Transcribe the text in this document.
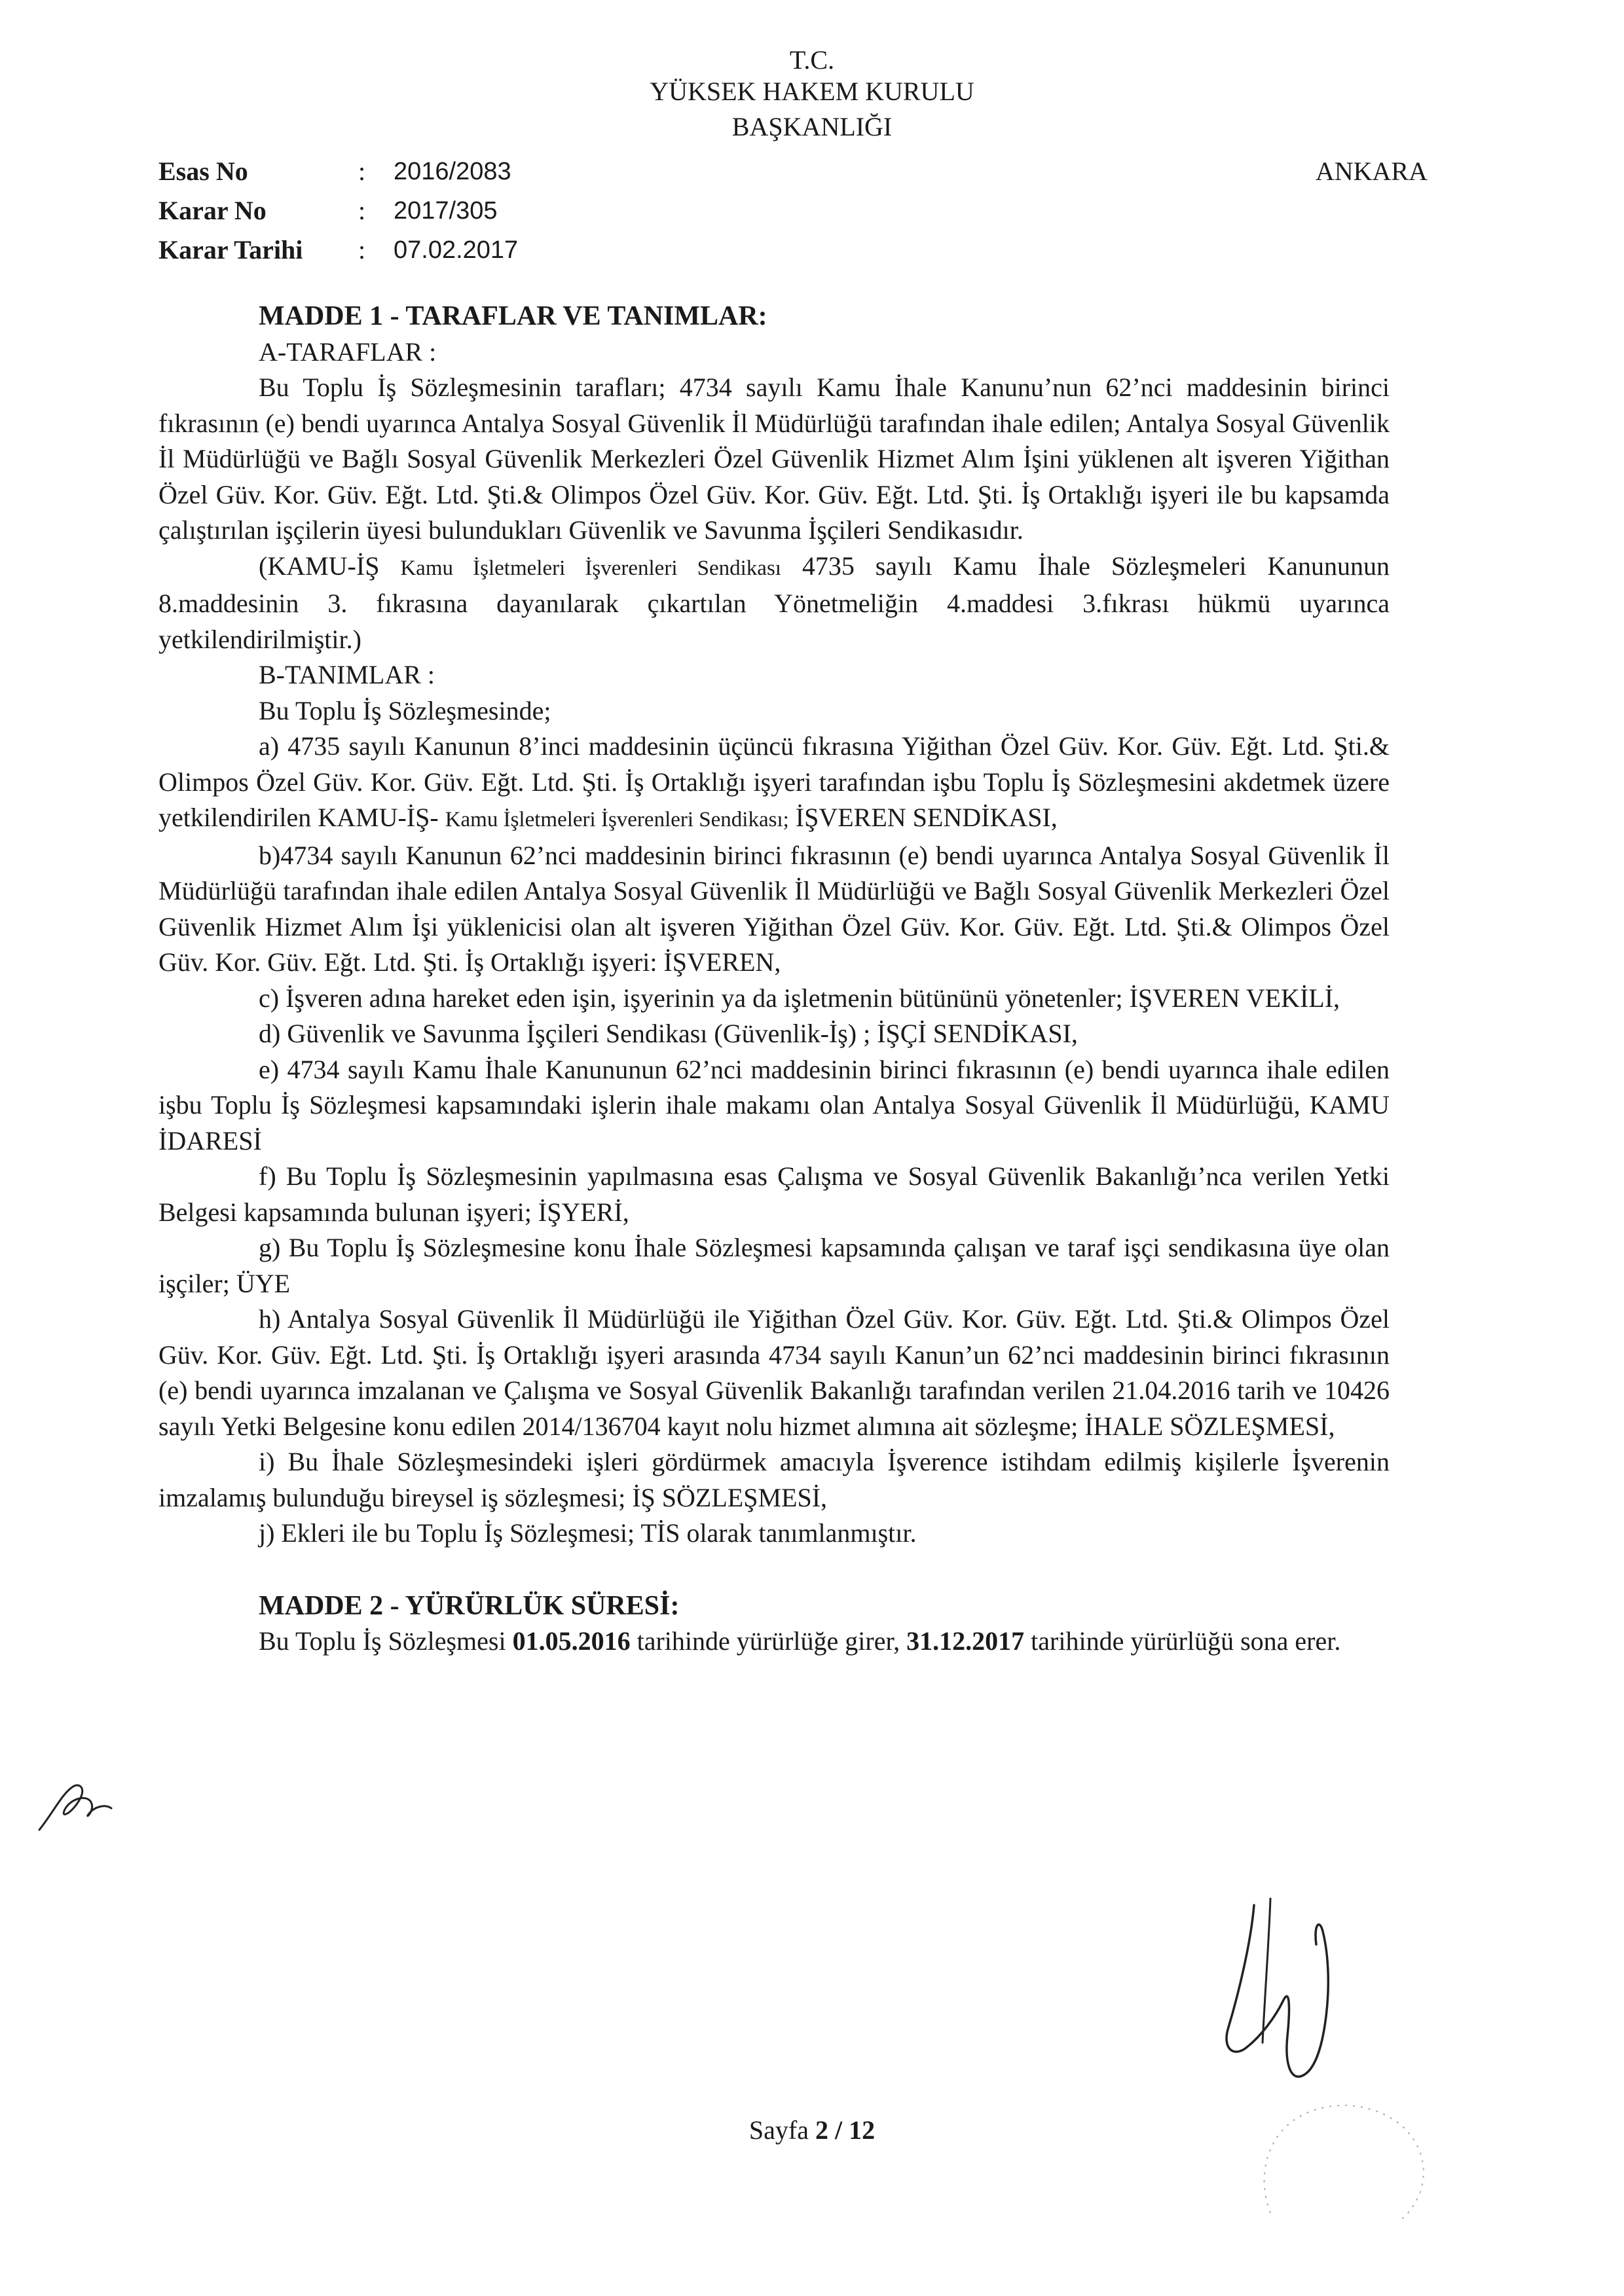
T.C.
YÜKSEK HAKEM KURULU
BAŞKANLIĞI
Esas No	:	2016/2083
Karar No	:	2017/305
Karar Tarihi	:	07.02.2017
ANKARA
MADDE 1 - TARAFLAR VE TANIMLAR:
A-TARAFLAR :

Bu Toplu İş Sözleşmesinin tarafları; 4734 sayılı Kamu İhale Kanunu’nun 62’nci maddesinin birinci fıkrasının (e) bendi uyarınca Antalya Sosyal Güvenlik İl Müdürlüğü tarafından ihale edilen; Antalya Sosyal Güvenlik İl Müdürlüğü ve Bağlı Sosyal Güvenlik Merkezleri Özel Güvenlik Hizmet Alım İşini yüklenen alt işveren Yiğithan Özel Güv. Kor. Güv. Eğt. Ltd. Şti.& Olimpos Özel Güv. Kor. Güv. Eğt. Ltd. Şti. İş Ortaklığı işyeri ile bu kapsamda çalıştırılan işçilerin üyesi bulundukları Güvenlik ve Savunma İşçileri Sendikasıdır.

(KAMU-İŞ Kamu İşletmeleri İşverenleri Sendikası 4735 sayılı Kamu İhale Sözleşmeleri Kanununun 8.maddesinin 3. fıkrasına dayanılarak çıkartılan Yönetmeliğin 4.maddesi 3.fıkrası hükmü uyarınca yetkilendirilmiştir.)

B-TANIMLAR :
Bu Toplu İş Sözleşmesinde;

a) 4735 sayılı Kanunun 8’inci maddesinin üçüncü fıkrasına Yiğithan Özel Güv. Kor. Güv. Eğt. Ltd. Şti.& Olimpos Özel Güv. Kor. Güv. Eğt. Ltd. Şti. İş Ortaklığı işyeri tarafından işbu Toplu İş Sözleşmesini akdetmek üzere yetkilendirilen KAMU-İŞ- Kamu İşletmeleri İşverenleri Sendikası; İŞVEREN SENDİKASI,

b)4734 sayılı Kanunun 62’nci maddesinin birinci fıkrasının (e) bendi uyarınca Antalya Sosyal Güvenlik İl Müdürlüğü tarafından ihale edilen Antalya Sosyal Güvenlik İl Müdürlüğü ve Bağlı Sosyal Güvenlik Merkezleri Özel Güvenlik Hizmet Alım İşi yüklenicisi olan alt işveren Yiğithan Özel Güv. Kor. Güv. Eğt. Ltd. Şti.& Olimpos Özel Güv. Kor. Güv. Eğt. Ltd. Şti. İş Ortaklığı işyeri: İŞVEREN,

c) İşveren adına hareket eden işin, işyerinin ya da işletmenin bütününü yönetenler; İŞVEREN VEKİLİ,

d) Güvenlik ve Savunma İşçileri Sendikası (Güvenlik-İş) ; İŞÇİ SENDİKASI,

e) 4734 sayılı Kamu İhale Kanununun 62’nci maddesinin birinci fıkrasının (e) bendi uyarınca ihale edilen işbu Toplu İş Sözleşmesi kapsamındaki işlerin ihale makamı olan Antalya Sosyal Güvenlik İl Müdürlüğü, KAMU İDARESİ

f) Bu Toplu İş Sözleşmesinin yapılmasına esas Çalışma ve Sosyal Güvenlik Bakanlığı’nca verilen Yetki Belgesi kapsamında bulunan işyeri; İŞYERİ,

g) Bu Toplu İş Sözleşmesine konu İhale Sözleşmesi kapsamında çalışan ve taraf işçi sendikasına üye olan işçiler; ÜYE

h) Antalya Sosyal Güvenlik İl Müdürlüğü ile Yiğithan Özel Güv. Kor. Güv. Eğt. Ltd. Şti.& Olimpos Özel Güv. Kor. Güv. Eğt. Ltd. Şti. İş Ortaklığı işyeri arasında 4734 sayılı Kanun’un 62’nci maddesinin birinci fıkrasının (e) bendi uyarınca imzalanan ve Çalışma ve Sosyal Güvenlik Bakanlığı tarafından verilen 21.04.2016 tarih ve 10426 sayılı Yetki Belgesine konu edilen 2014/136704 kayıt nolu hizmet alımına ait sözleşme; İHALE SÖZLEŞMESİ,

i) Bu İhale Sözleşmesindeki işleri gördürmek amacıyla İşverence istihdam edilmiş kişilerle İşverenin imzalamış bulunduğu bireysel iş sözleşmesi; İŞ SÖZLEŞMESİ,

j) Ekleri ile bu Toplu İş Sözleşmesi; TİS olarak tanımlanmıştır.

MADDE 2 - YÜRÜRLÜK SÜRESİ:

Bu Toplu İş Sözleşmesi 01.05.2016 tarihinde yürürlüğe girer, 31.12.2017 tarihinde yürürlüğü sona erer.

Sayfa 2 / 12
